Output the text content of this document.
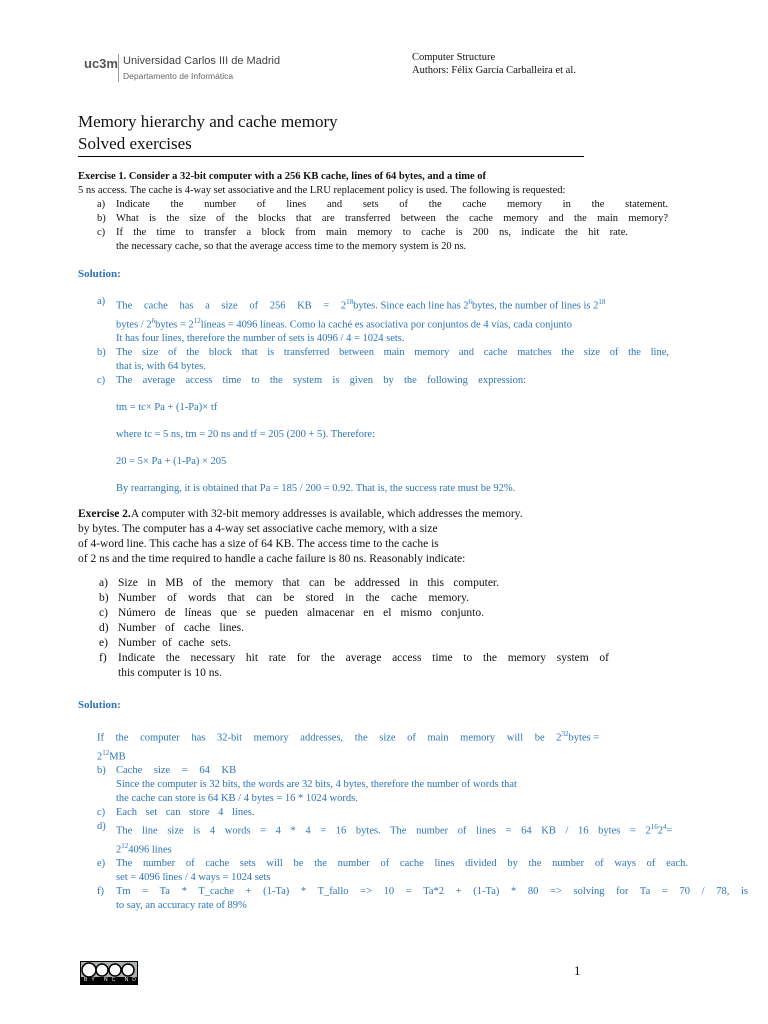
uc3m Universidad Carlos III de Madrid
Departamento de Informática
Computer Structure
Authors: Félix García Carballeira et al.
Memory hierarchy and cache memory
Solved exercises
Exercise 1. Consider a 32-bit computer with a 256 KB cache, lines of 64 bytes, and a time of
5 ns access. The cache is 4-way set associative and the LRU replacement policy is used. The following is requested:
a)	Indicate the number of lines and sets of the cache memory in the statement.
b) What is the size of the blocks that are transferred between the cache memory and the main memory?
c)	If the time to transfer a block from main memory to cache is 200 ns, indicate the hit rate.
the necessary cache, so that the average access time to the memory system is 20 ns.
Solution:
a)	The cache has a size of 256 KB = $2^{18}bytes$. Since each line has $2^6bytes$, the number of lines is $2^{18}$
bytes / $2^6bytes$ = $2^{12}líneas = 4096$ líneas. Como la caché es asociativa por conjuntos de 4 vías, cada conjunto
It has four lines, therefore the number of sets is 4096 / 4 = 1024 sets.
b) The size of the block that is transferred between main memory and cache matches the size of the line,
that is, with 64 bytes.
c)	The average access time to the system is given by the following expression:
tm = tc× Pa + (1-Pa)× tf
where tc = 5 ns, tm = 20 ns and tf = 205 (200 + 5). Therefore:
20 = 5× Pa + (1-Pa) × 205
By rearranging, it is obtained that Pa = 185 / 200 = 0.92. That is, the success rate must be 92%.
Exercise 2.A computer with 32-bit memory addresses is available, which addresses the memory.
by bytes. The computer has a 4-way set associative cache memory, with a size
of 4-word line. This cache has a size of 64 KB. The access time to the cache is
of 2 ns and the time required to handle a cache failure is 80 ns. Reasonably indicate:
a) Size in MB of the memory that can be addressed in this computer.
b) Number of words that can be stored in the cache memory.
c) Número de líneas que se pueden almacenar en el mismo conjunto.
d) Number of cache lines.
e) Number of cache sets.
f) Indicate the necessary hit rate for the average access time to the memory system of
this computer is 10 ns.
Solution:
If the computer has 32-bit memory addresses, the size of main memory will be $2^{32}bytes$ =
$2^{12}MB$
b) Cache size = 64 KB
Since the computer is 32 bits, the words are 32 bits, 4 bytes, therefore the number of words that
the cache can store is 64 KB / 4 bytes = 16 * 1024 words.
c)	Each set can store 4 lines.
d) The line size is 4 words = 4 * 4 = 16 bytes. The number of lines = 64 KB / 16 bytes = $2^{16}2^4=$
$2^{12}4096$ lines
e)	The number of cache sets will be the number of cache lines divided by the number of ways of each.
set = 4096 lines / 4 ways = 1024 sets
f)	Tm = Ta * T_cache + (1-Ta) * T_fallo => 10 = Ta*2 + (1-Ta) * 80 => solving for Ta = 70 / 78, is
to say, an accuracy rate of 89%
BY NC ND
1
